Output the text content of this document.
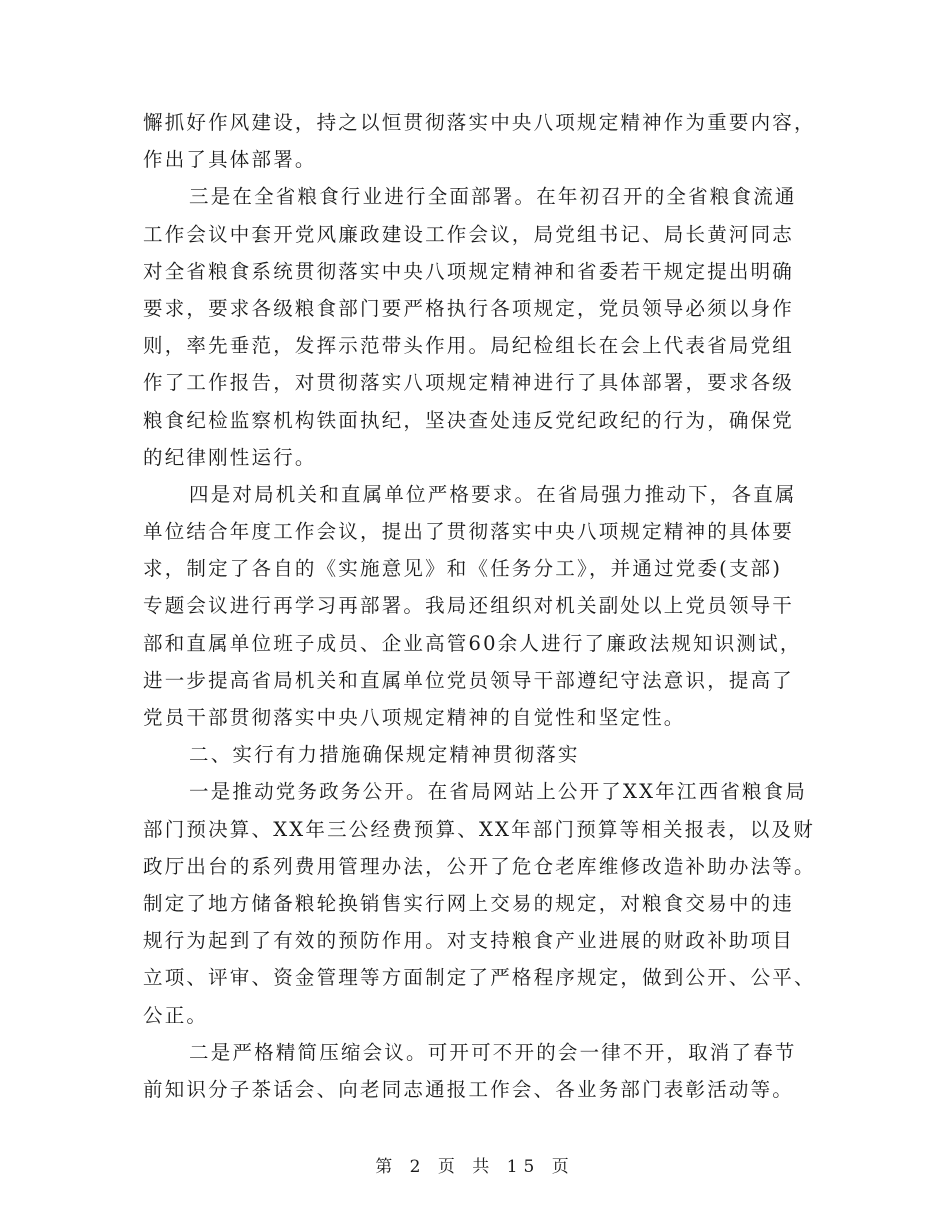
懈抓好作风建设，持之以恒贯彻落实中央八项规定精神作为重要内容，
作出了具体部署。
三是在全省粮食行业进行全面部署。在年初召开的全省粮食流通
工作会议中套开党风廉政建设工作会议，局党组书记、局长黄河同志
对全省粮食系统贯彻落实中央八项规定精神和省委若干规定提出明确
要求，要求各级粮食部门要严格执行各项规定，党员领导必须以身作
则，率先垂范，发挥示范带头作用。局纪检组长在会上代表省局党组
作了工作报告，对贯彻落实八项规定精神进行了具体部署，要求各级
粮食纪检监察机构铁面执纪，坚决查处违反党纪政纪的行为，确保党
的纪律刚性运行。
四是对局机关和直属单位严格要求。在省局强力推动下，各直属
单位结合年度工作会议，提出了贯彻落实中央八项规定精神的具体要
求，制定了各自的《实施意见》和《任务分工》，并通过党委(支部)
专题会议进行再学习再部署。我局还组织对机关副处以上党员领导干
部和直属单位班子成员、企业高管60余人进行了廉政法规知识测试，
进一步提高省局机关和直属单位党员领导干部遵纪守法意识，提高了
党员干部贯彻落实中央八项规定精神的自觉性和坚定性。
二、实行有力措施确保规定精神贯彻落实
一是推动党务政务公开。在省局网站上公开了XX年江西省粮食局
部门预决算、XX年三公经费预算、XX年部门预算等相关报表，以及财
政厅出台的系列费用管理办法，公开了危仓老库维修改造补助办法等。
制定了地方储备粮轮换销售实行网上交易的规定，对粮食交易中的违
规行为起到了有效的预防作用。对支持粮食产业进展的财政补助项目
立项、评审、资金管理等方面制定了严格程序规定，做到公开、公平、
公正。
二是严格精简压缩会议。可开可不开的会一律不开，取消了春节
前知识分子茶话会、向老同志通报工作会、各业务部门表彰活动等。
第 2 页 共 15 页
